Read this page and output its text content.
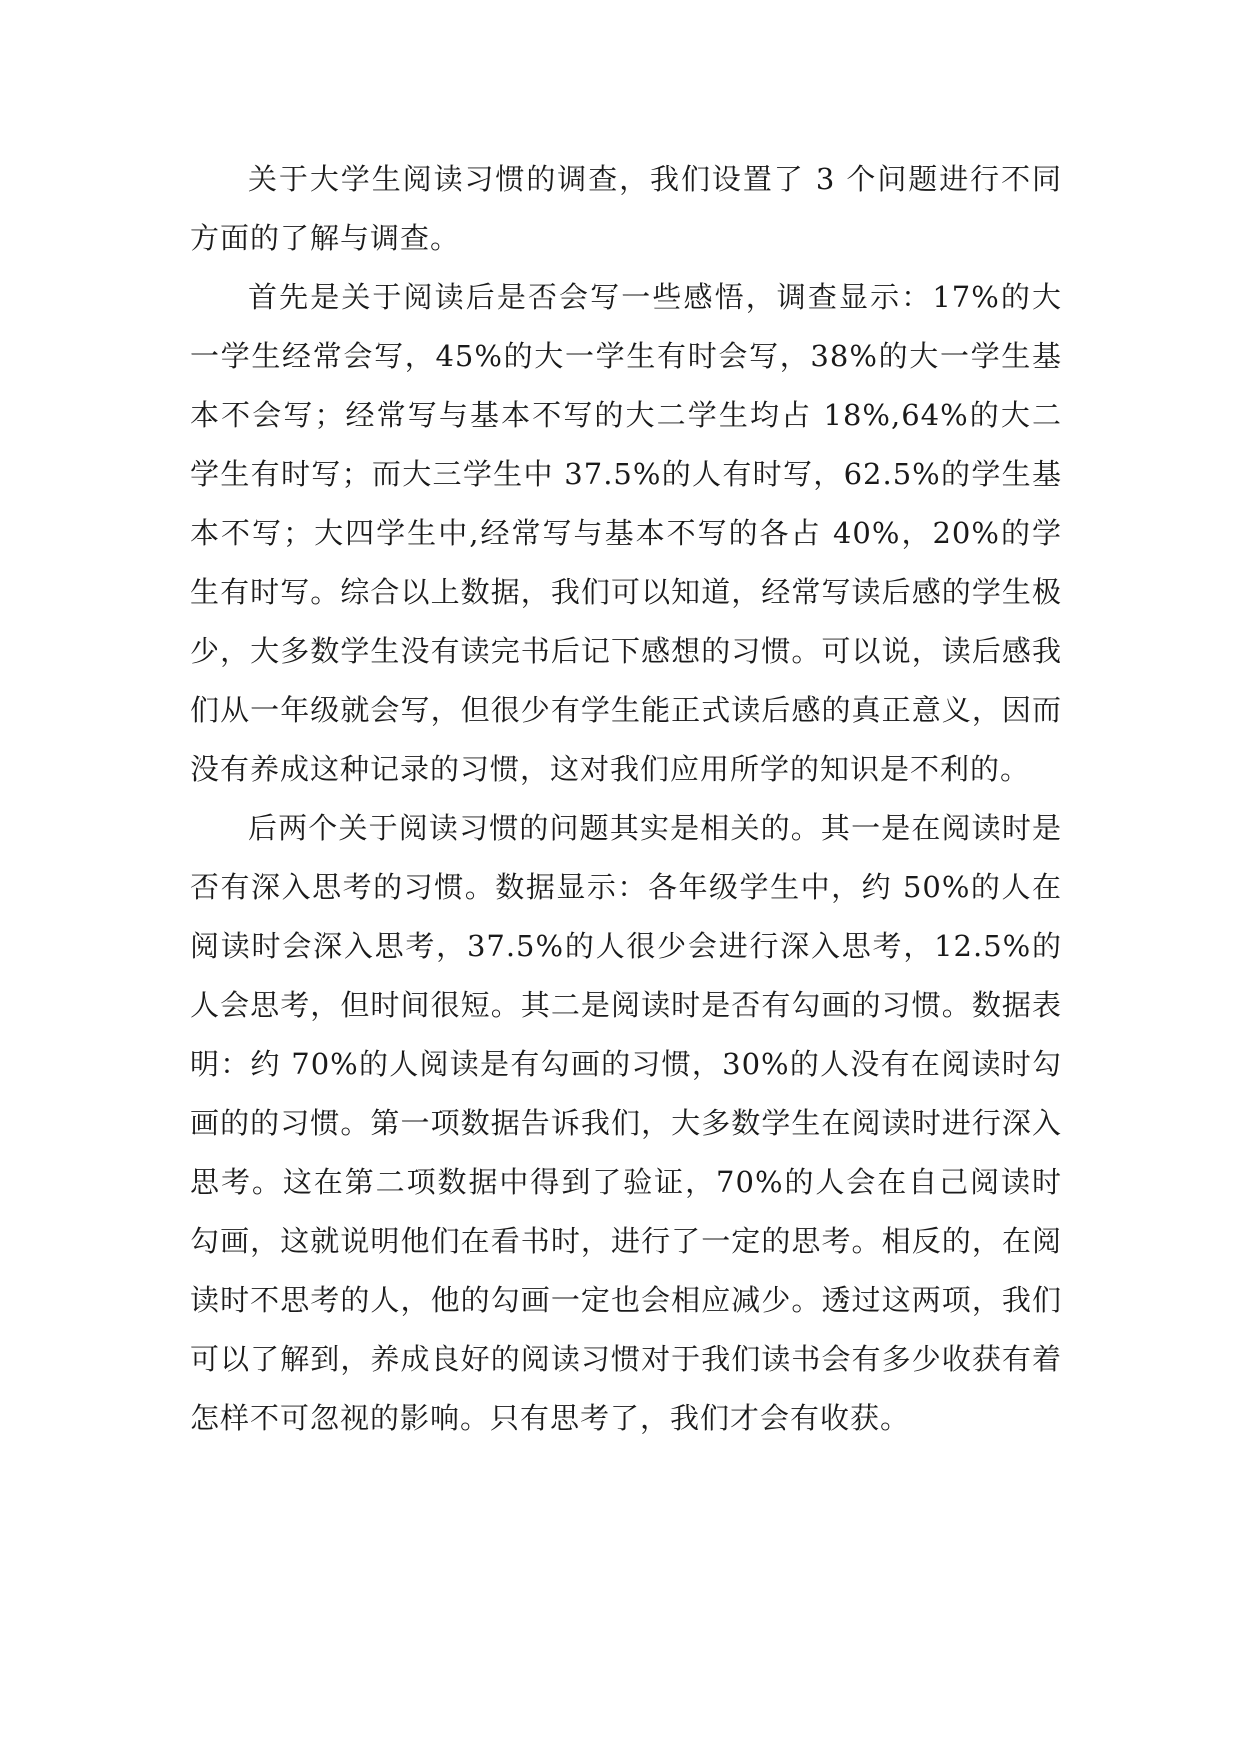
关于大学生阅读习惯的调查，我们设置了 3 个问题进行不同方面的了解与调查。

首先是关于阅读后是否会写一些感悟，调查显示：17%的大一学生经常会写，45%的大一学生有时会写，38%的大一学生基本不会写；经常写与基本不写的大二学生均占 18%,64%的大二学生有时写；而大三学生中 37.5%的人有时写，62.5%的学生基本不写；大四学生中,经常写与基本不写的各占 40%，20%的学生有时写。综合以上数据，我们可以知道，经常写读后感的学生极少，大多数学生没有读完书后记下感想的习惯。可以说，读后感我们从一年级就会写，但很少有学生能正式读后感的真正意义，因而没有养成这种记录的习惯，这对我们应用所学的知识是不利的。

后两个关于阅读习惯的问题其实是相关的。其一是在阅读时是否有深入思考的习惯。数据显示：各年级学生中，约 50%的人在阅读时会深入思考，37.5%的人很少会进行深入思考，12.5%的人会思考，但时间很短。其二是阅读时是否有勾画的习惯。数据表明：约 70%的人阅读是有勾画的习惯，30%的人没有在阅读时勾画的的习惯。第一项数据告诉我们，大多数学生在阅读时进行深入思考。这在第二项数据中得到了验证，70%的人会在自己阅读时勾画，这就说明他们在看书时，进行了一定的思考。相反的，在阅读时不思考的人，他的勾画一定也会相应减少。透过这两项，我们可以了解到，养成良好的阅读习惯对于我们读书会有多少收获有着怎样不可忽视的影响。只有思考了，我们才会有收获。
